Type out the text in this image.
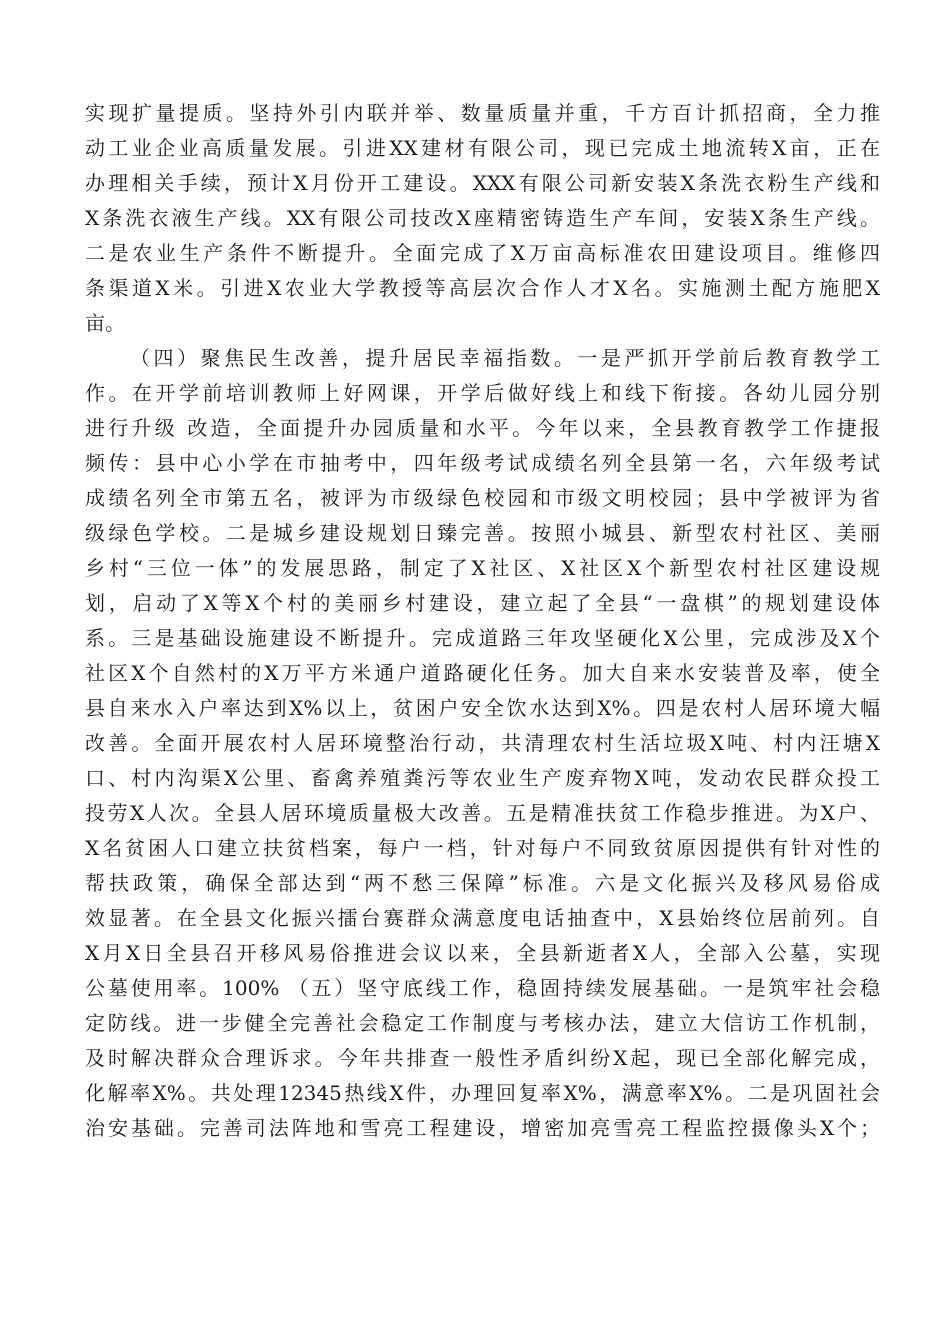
实现扩量提质。坚持外引内联并举、数量质量并重，千方百计抓招商，全力推
动工业企业高质量发展。引进XX建材有限公司，现已完成土地流转X亩，正在
办理相关手续，预计X月份开工建设。XXX有限公司新安装X条洗衣粉生产线和
X条洗衣液生产线。XX有限公司技改X座精密铸造生产车间，安装X条生产线。
二是农业生产条件不断提升。全面完成了X万亩高标准农田建设项目。维修四
条渠道X米。引进X农业大学教授等高层次合作人才X名。实施测土配方施肥X
亩。
（四）聚焦民生改善，提升居民幸福指数。一是严抓开学前后教育教学工
作。在开学前培训教师上好网课，开学后做好线上和线下衔接。各幼儿园分别
进行升级 改造，全面提升办园质量和水平。今年以来，全县教育教学工作捷报
频传：县中心小学在市抽考中，四年级考试成绩名列全县第一名，六年级考试
成绩名列全市第五名，被评为市级绿色校园和市级文明校园；县中学被评为省
级绿色学校。二是城乡建设规划日臻完善。按照小城县、新型农村社区、美丽
乡村“三位一体”的发展思路，制定了X社区、X社区X个新型农村社区建设规
划，启动了X等X个村的美丽乡村建设，建立起了全县“一盘棋”的规划建设体
系。三是基础设施建设不断提升。完成道路三年攻坚硬化X公里，完成涉及X个
社区X个自然村的X万平方米通户道路硬化任务。加大自来水安装普及率，使全
县自来水入户率达到X%以上，贫困户安全饮水达到X%。四是农村人居环境大幅
改善。全面开展农村人居环境整治行动，共清理农村生活垃圾X吨、村内汪塘X
口、村内沟渠X公里、畜禽养殖粪污等农业生产废弃物X吨，发动农民群众投工
投劳X人次。全县人居环境质量极大改善。五是精准扶贫工作稳步推进。为X户、
X名贫困人口建立扶贫档案，每户一档，针对每户不同致贫原因提供有针对性的
帮扶政策，确保全部达到“两不愁三保障”标准。六是文化振兴及移风易俗成
效显著。在全县文化振兴擂台赛群众满意度电话抽查中，X县始终位居前列。自
X月X日全县召开移风易俗推进会议以来，全县新逝者X人，全部入公墓，实现
公墓使用率。100% （五）坚守底线工作，稳固持续发展基础。一是筑牢社会稳
定防线。进一步健全完善社会稳定工作制度与考核办法，建立大信访工作机制，
及时解决群众合理诉求。今年共排查一般性矛盾纠纷X起，现已全部化解完成，
化解率X%。共处理12345热线X件，办理回复率X%，满意率X%。二是巩固社会
治安基础。完善司法阵地和雪亮工程建设，增密加亮雪亮工程监控摄像头X个；
